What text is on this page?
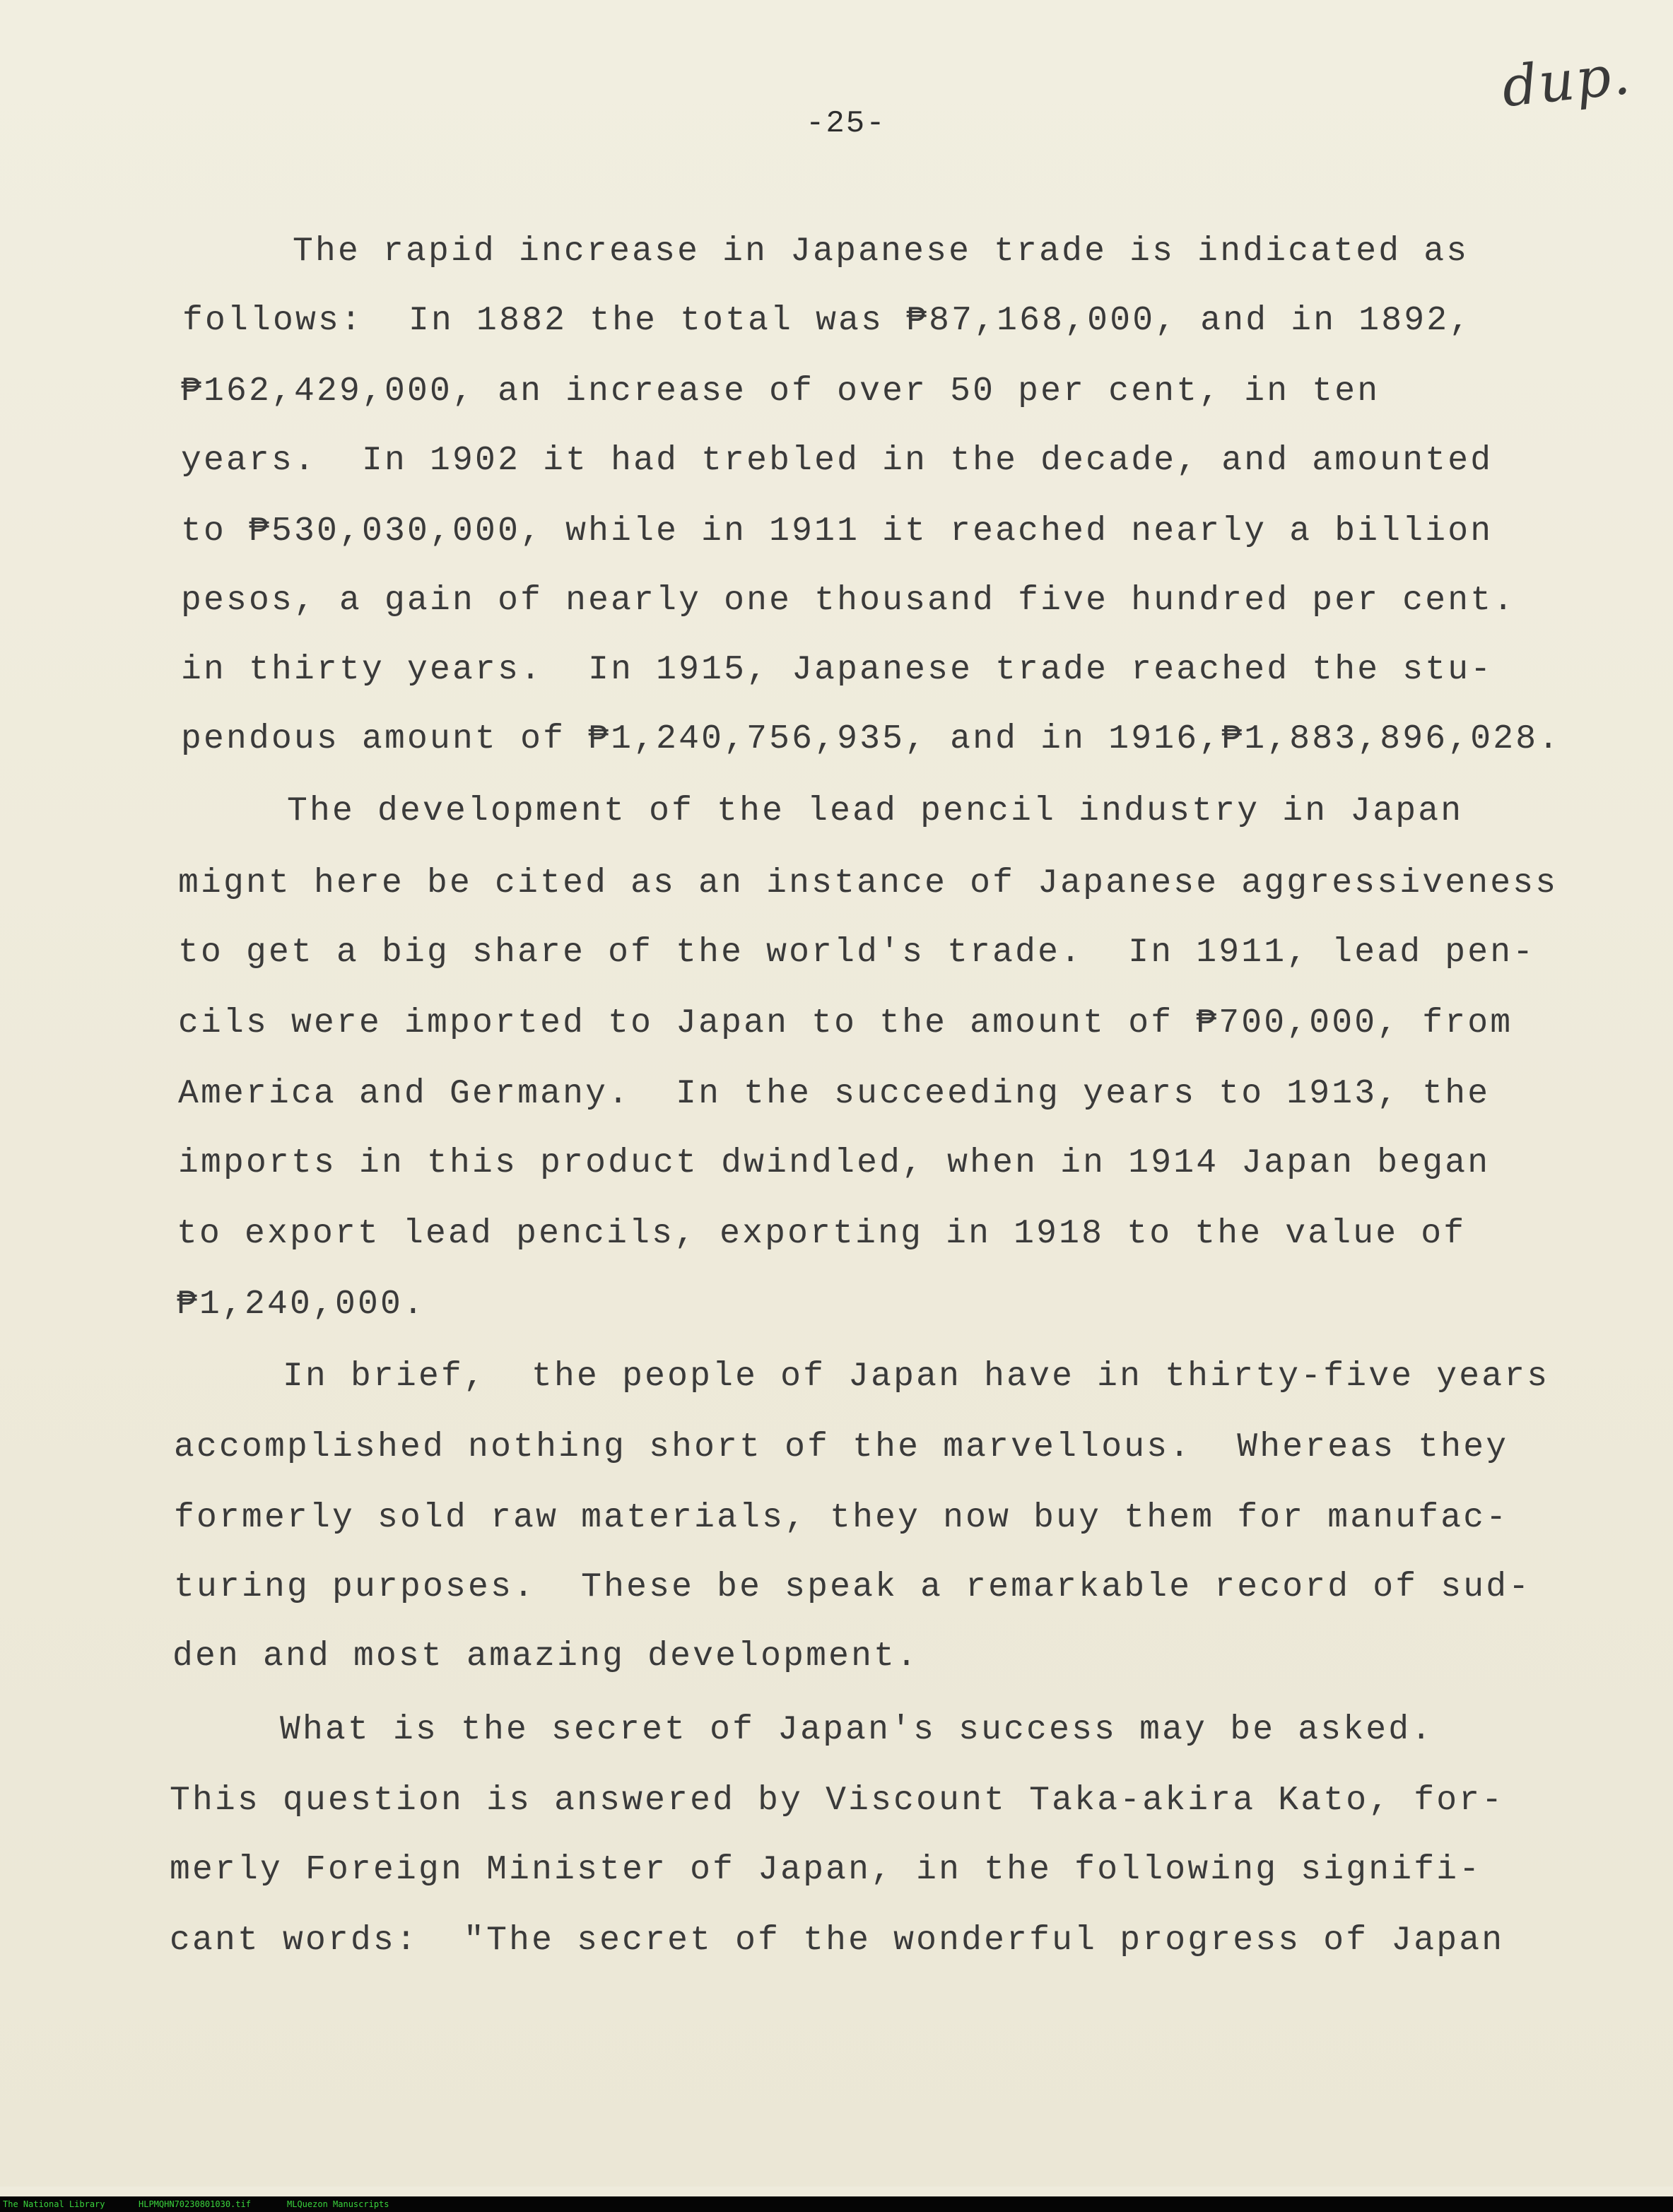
dup.
-25-
The rapid increase in Japanese trade is indicated as
follows:  In 1882 the total was ₱87,168,000, and in 1892,
₱162,429,000, an increase of over 50 per cent, in ten
years.  In 1902 it had trebled in the decade, and amounted
to ₱530,030,000, while in 1911 it reached nearly a billion
pesos, a gain of nearly one thousand five hundred per cent.
in thirty years.  In 1915, Japanese trade reached the stu-
pendous amount of ₱1,240,756,935, and in 1916,₱1,883,896,028.
The development of the lead pencil industry in Japan
mignt here be cited as an instance of Japanese aggressiveness
to get a big share of the world's trade.  In 1911, lead pen-
cils were imported to Japan to the amount of ₱700,000, from
America and Germany.  In the succeeding years to 1913, the
imports in this product dwindled, when in 1914 Japan began
to export lead pencils, exporting in 1918 to the value of
₱1,240,000.
In brief,  the people of Japan have in thirty-five years
accomplished nothing short of the marvellous.  Whereas they
formerly sold raw materials, they now buy them for manufac-
turing purposes.  These be speak a remarkable record of sud-
den and most amazing development.
What is the secret of Japan's success may be asked.
This question is answered by Viscount Taka-akira Kato, for-
merly Foreign Minister of Japan, in the following signifi-
cant words:  "The secret of the wonderful progress of Japan
The National Library	HLPMQHN70230801030.tif	MLQuezon Manuscripts
